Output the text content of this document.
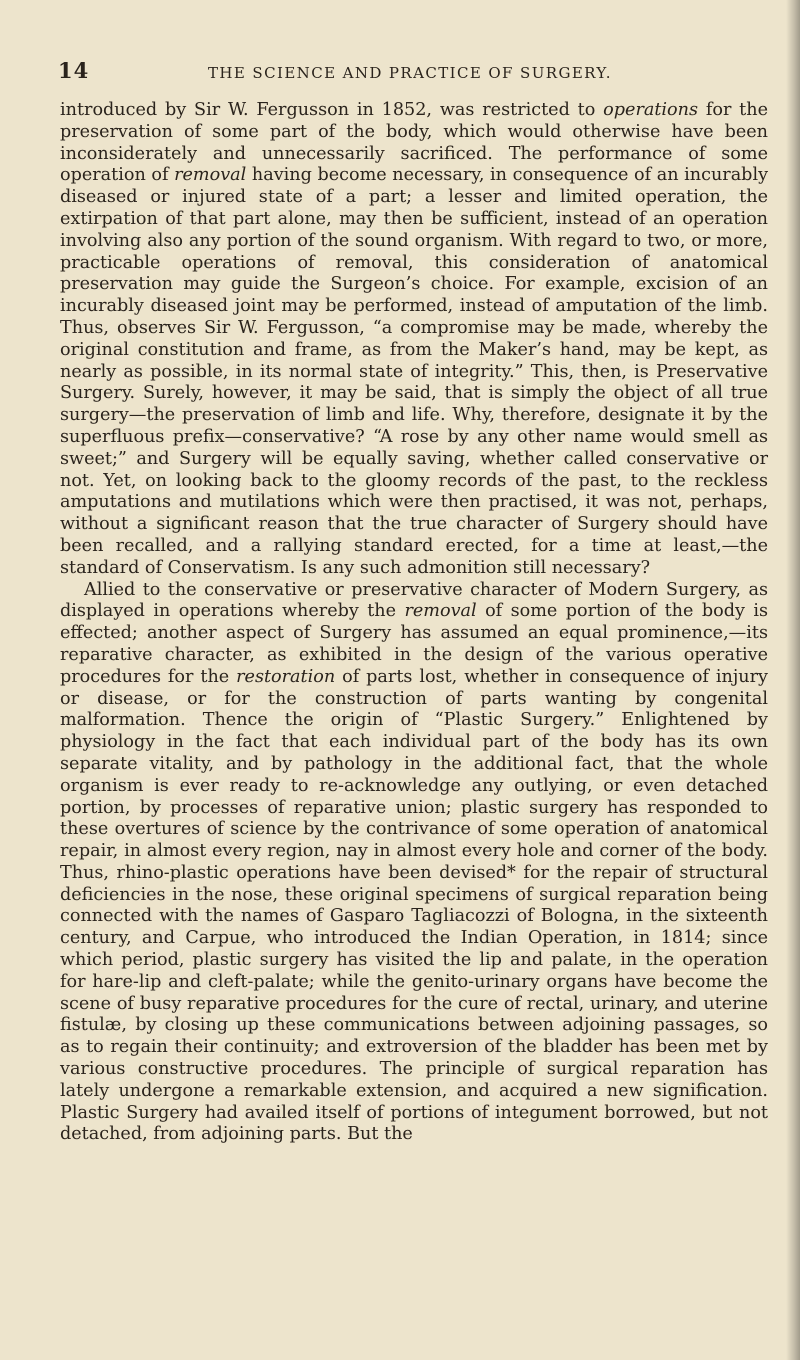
14	THE SCIENCE AND PRACTICE OF SURGERY.

introduced by Sir W. Fergusson in 1852, was restricted to operations for the preservation of some part of the body, which would otherwise have been inconsiderately and unnecessarily sacrificed. The performance of some operation of removal having become necessary, in consequence of an incurably diseased or injured state of a part; a lesser and limited operation, the extirpation of that part alone, may then be sufficient, instead of an operation involving also any portion of the sound organism. With regard to two, or more, practicable operations of removal, this consideration of anatomical preservation may guide the Surgeon’s choice. For example, excision of an incurably diseased joint may be performed, instead of amputation of the limb. Thus, observes Sir W. Fergusson, “a compromise may be made, whereby the original constitution and frame, as from the Maker’s hand, may be kept, as nearly as possible, in its normal state of integrity.” This, then, is Preservative Surgery. Surely, however, it may be said, that is simply the object of all true surgery—the preservation of limb and life. Why, therefore, designate it by the superfluous prefix—conservative? “A rose by any other name would smell as sweet;” and Surgery will be equally saving, whether called conservative or not. Yet, on looking back to the gloomy records of the past, to the reckless amputations and mutilations which were then practised, it was not, perhaps, without a significant reason that the true character of Surgery should have been recalled, and a rallying standard erected, for a time at least,—the standard of Conservatism. Is any such admonition still necessary?

Allied to the conservative or preservative character of Modern Surgery, as displayed in operations whereby the removal of some portion of the body is effected; another aspect of Surgery has assumed an equal prominence,—its reparative character, as exhibited in the design of the various operative procedures for the restoration of parts lost, whether in consequence of injury or disease, or for the construction of parts wanting by congenital malformation. Thence the origin of “Plastic Surgery.” Enlightened by physiology in the fact that each individual part of the body has its own separate vitality, and by pathology in the additional fact, that the whole organism is ever ready to re-acknowledge any outlying, or even detached portion, by processes of reparative union; plastic surgery has responded to these overtures of science by the contrivance of some operation of anatomical repair, in almost every region, nay in almost every hole and corner of the body. Thus, rhino-plastic operations have been devised* for the repair of structural deficiencies in the nose, these original specimens of surgical reparation being connected with the names of Gasparo Tagliacozzi of Bologna, in the sixteenth century, and Carpue, who introduced the Indian Operation, in 1814; since which period, plastic surgery has visited the lip and palate, in the operation for hare-lip and cleft-palate; while the genito-urinary organs have become the scene of busy reparative procedures for the cure of rectal, urinary, and uterine fistulæ, by closing up these communications between adjoining passages, so as to regain their continuity; and extroversion of the bladder has been met by various constructive procedures. The principle of surgical reparation has lately undergone a remarkable extension, and acquired a new signification. Plastic Surgery had availed itself of portions of integument borrowed, but not detached, from adjoining parts. But the
